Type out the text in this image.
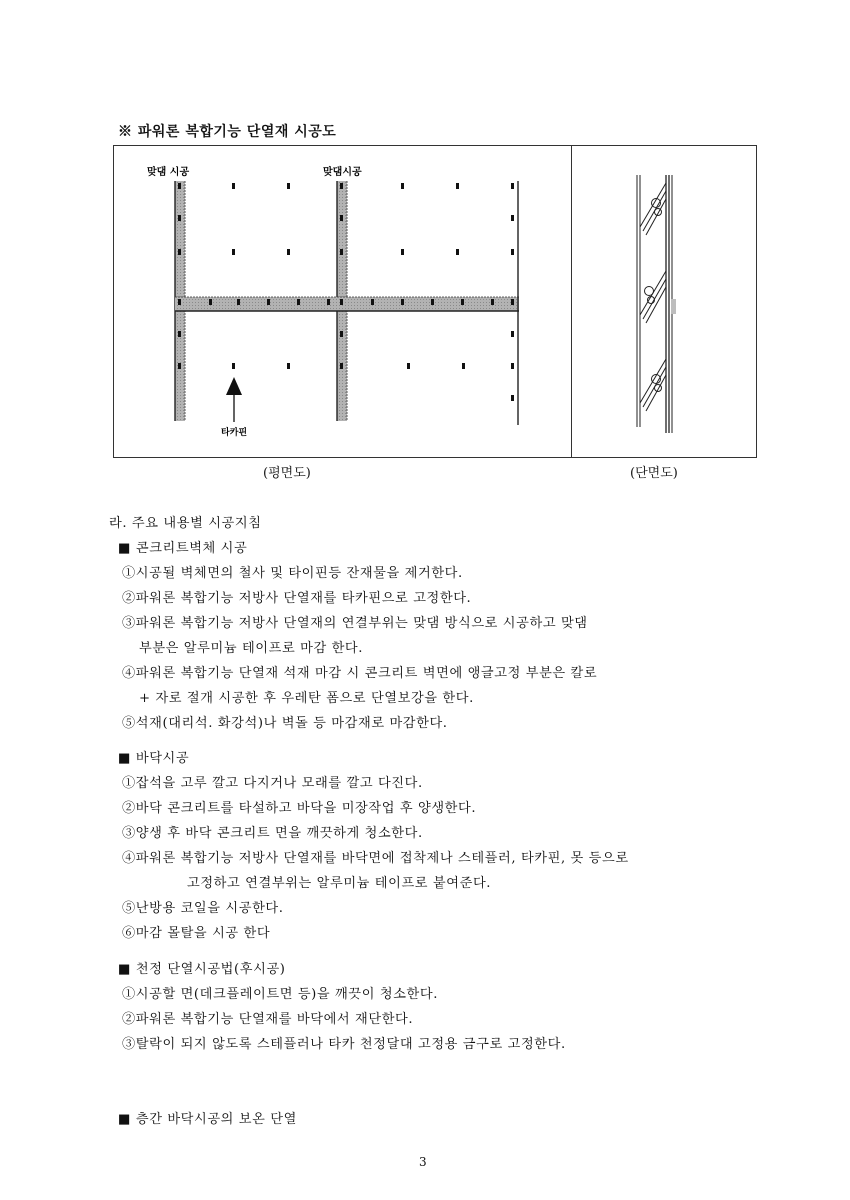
※ 파워론 복합기능 단열재 시공도
맞댐 시공	맞댐시공
타카핀
(평면도)	(단면도)
라. 주요 내용별 시공지침
■ 콘크리트벽체 시공
①시공될 벽체면의 철사 및 타이핀등 잔재물을 제거한다.
②파워론 복합기능 저방사 단열재를 타카핀으로 고정한다.
③파워론 복합기능 저방사 단열재의 연결부위는 맞댐 방식으로 시공하고 맞댐
부분은 알루미늄 테이프로 마감 한다.
④파워론 복합기능 단열재 석재 마감 시 콘크리트 벽면에 앵글고정 부분은 칼로
+ 자로 절개 시공한 후 우레탄 폼으로 단열보강을 한다.
⑤석재(대리석. 화강석)나 벽돌 등 마감재로 마감한다.
■ 바닥시공
①잡석을 고루 깔고 다지거나 모래를 깔고 다진다.
②바닥 콘크리트를 타설하고 바닥을 미장작업 후 양생한다.
③양생 후 바닥 콘크리트 면을 깨끗하게 청소한다.
④파워론 복합기능 저방사 단열재를 바닥면에 접착제나 스테플러, 타카핀, 못 등으로
고정하고 연결부위는 알루미늄 테이프로 붙여준다.
⑤난방용 코일을 시공한다.
⑥마감 몰탈을 시공 한다
■ 천정 단열시공법(후시공)
①시공할 면(데크플레이트면 등)을 깨끗이 청소한다.
②파워론 복합기능 단열재를 바닥에서 재단한다.
③탈락이 되지 않도록 스테플러나 타카 천정달대 고정용 금구로 고정한다.
■ 층간 바닥시공의 보온 단열
3
